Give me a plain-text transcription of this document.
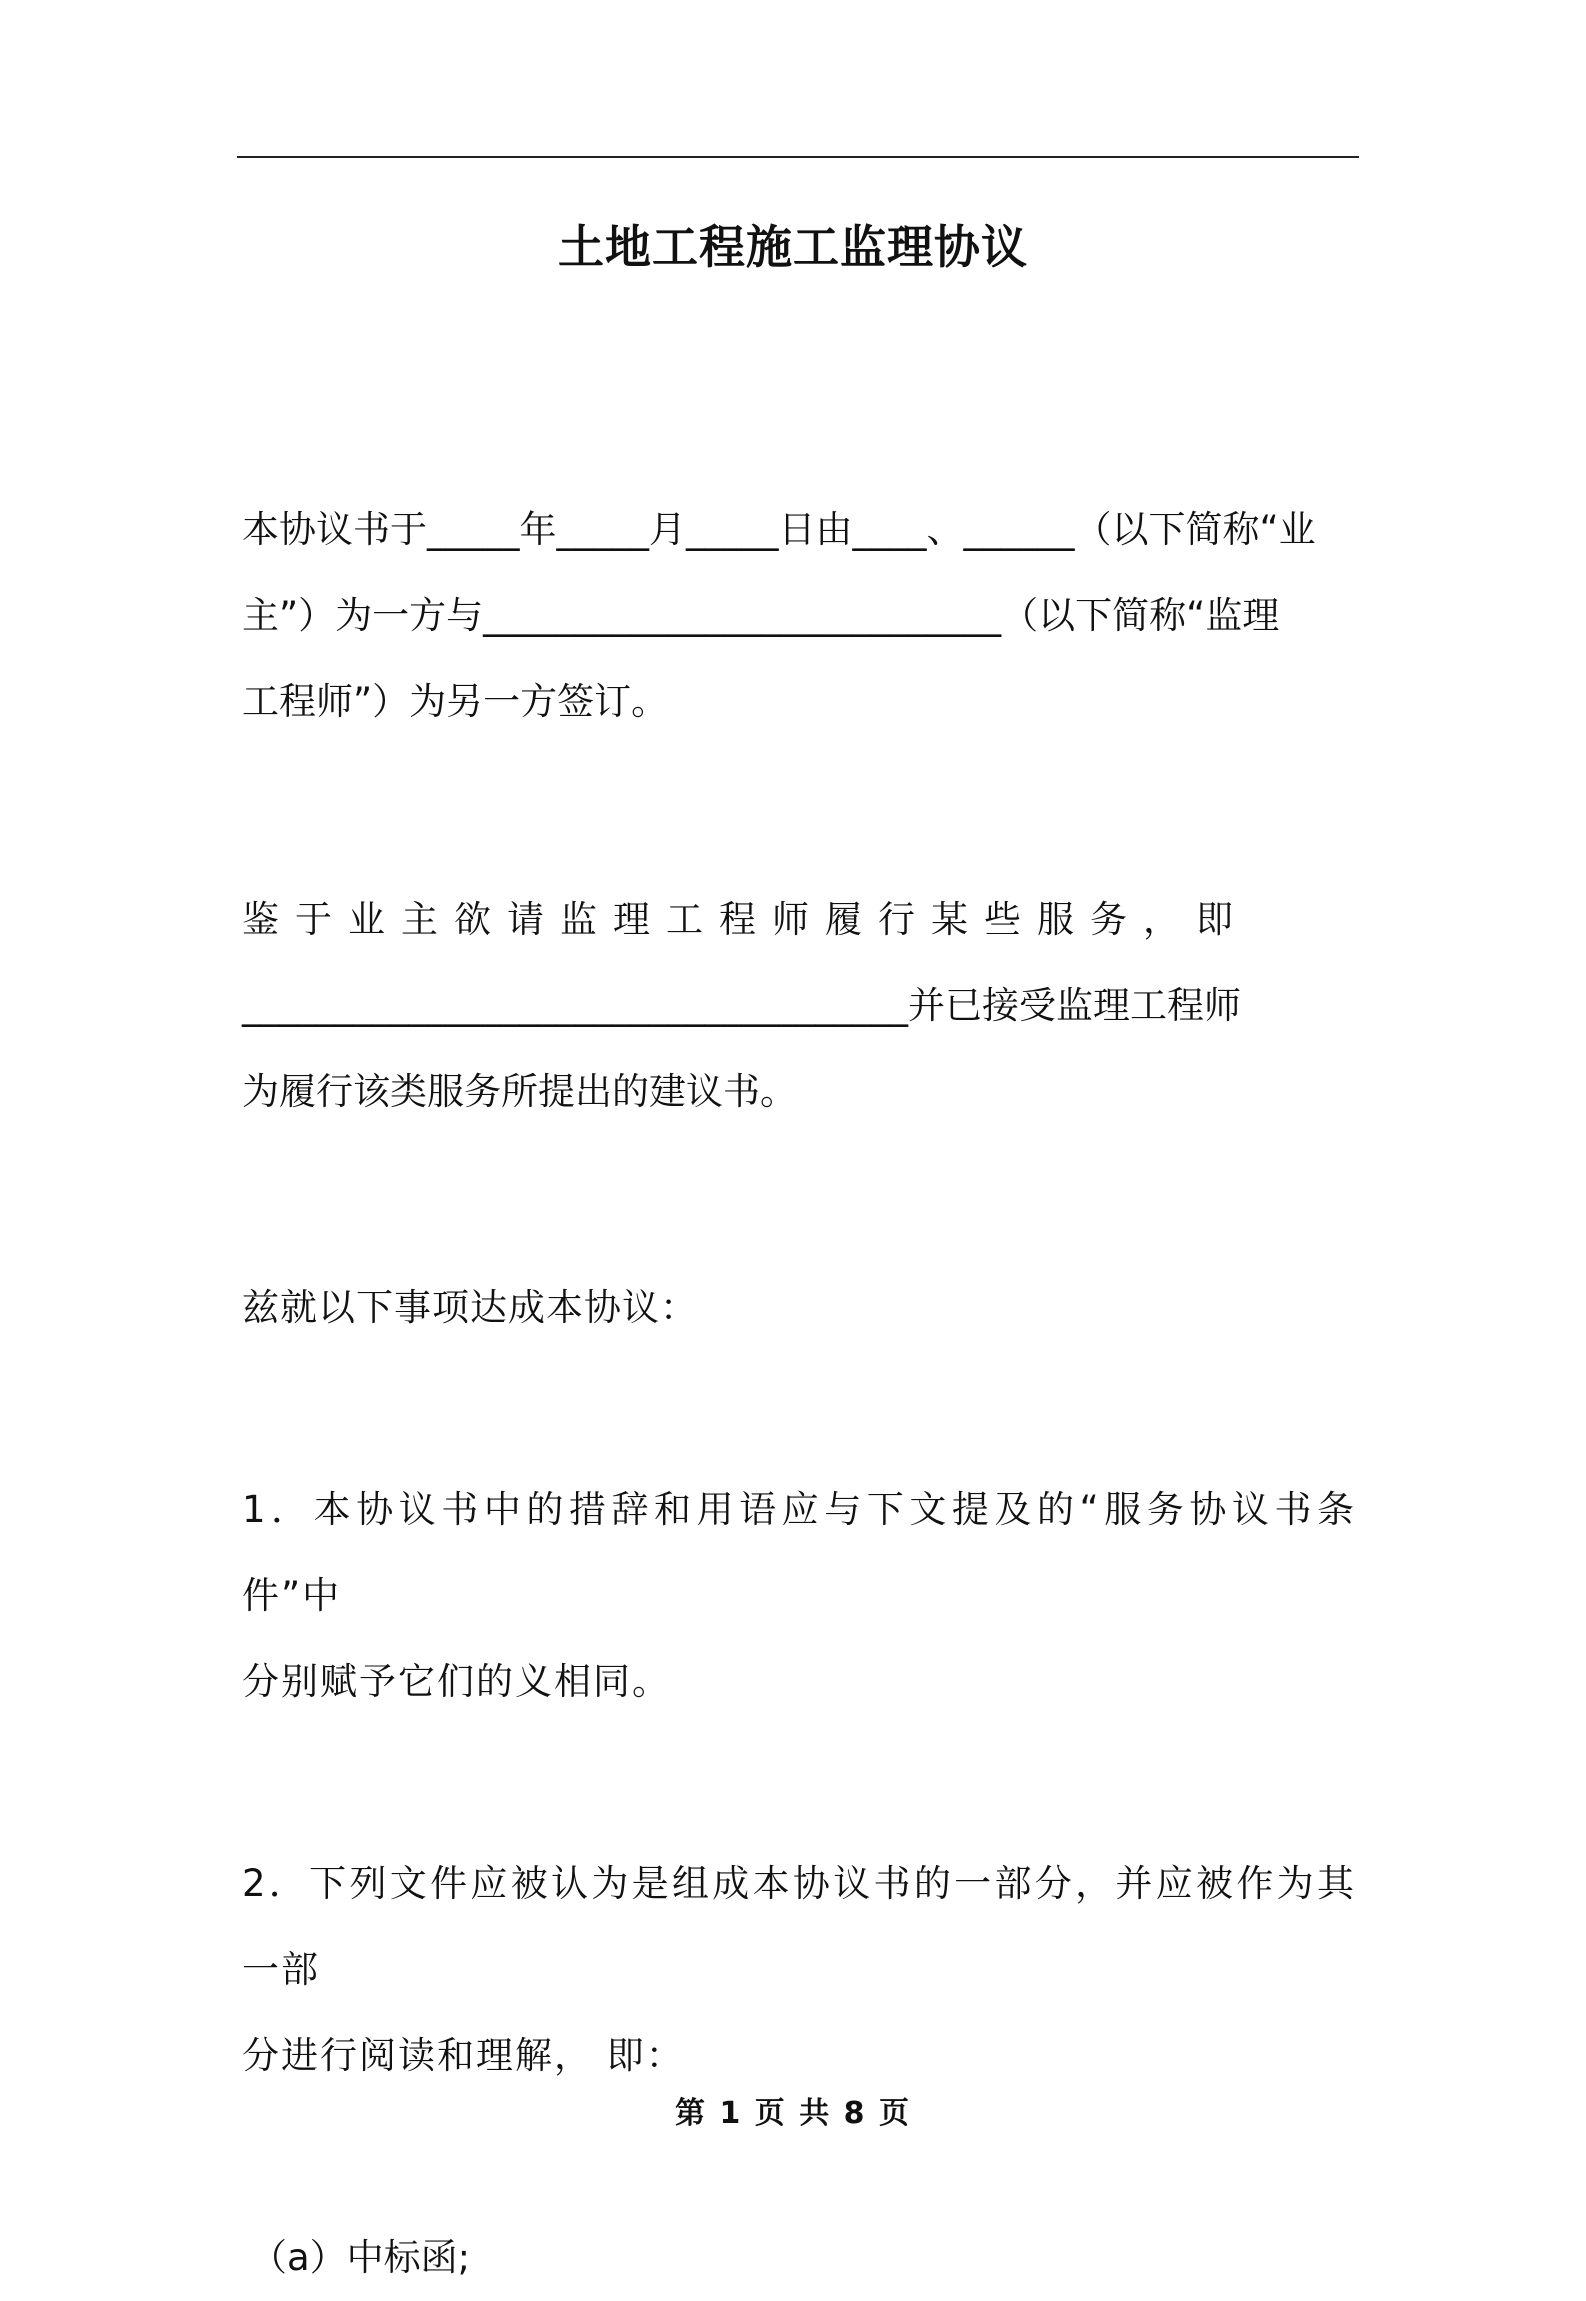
土地工程施工监理协议

本协议书于_____年_____月_____日由____、______（以下简称“业
主”）为一方与____________________________（以下简称“监理
工程师”）为另一方签订。

鉴于业主欲请监理工程师履行某些服务，即
____________________________________并已接受监理工程师
为履行该类服务所提出的建议书。

兹就以下事项达成本协议：

1．本协议书中的措辞和用语应与下文提及的“服务协议书条件”中
分别赋予它们的义相同。

2．下列文件应被认为是组成本协议书的一部分，并应被作为其一部
分进行阅读和理解， 即：

（a）中标函;

第 1 页 共 8 页
